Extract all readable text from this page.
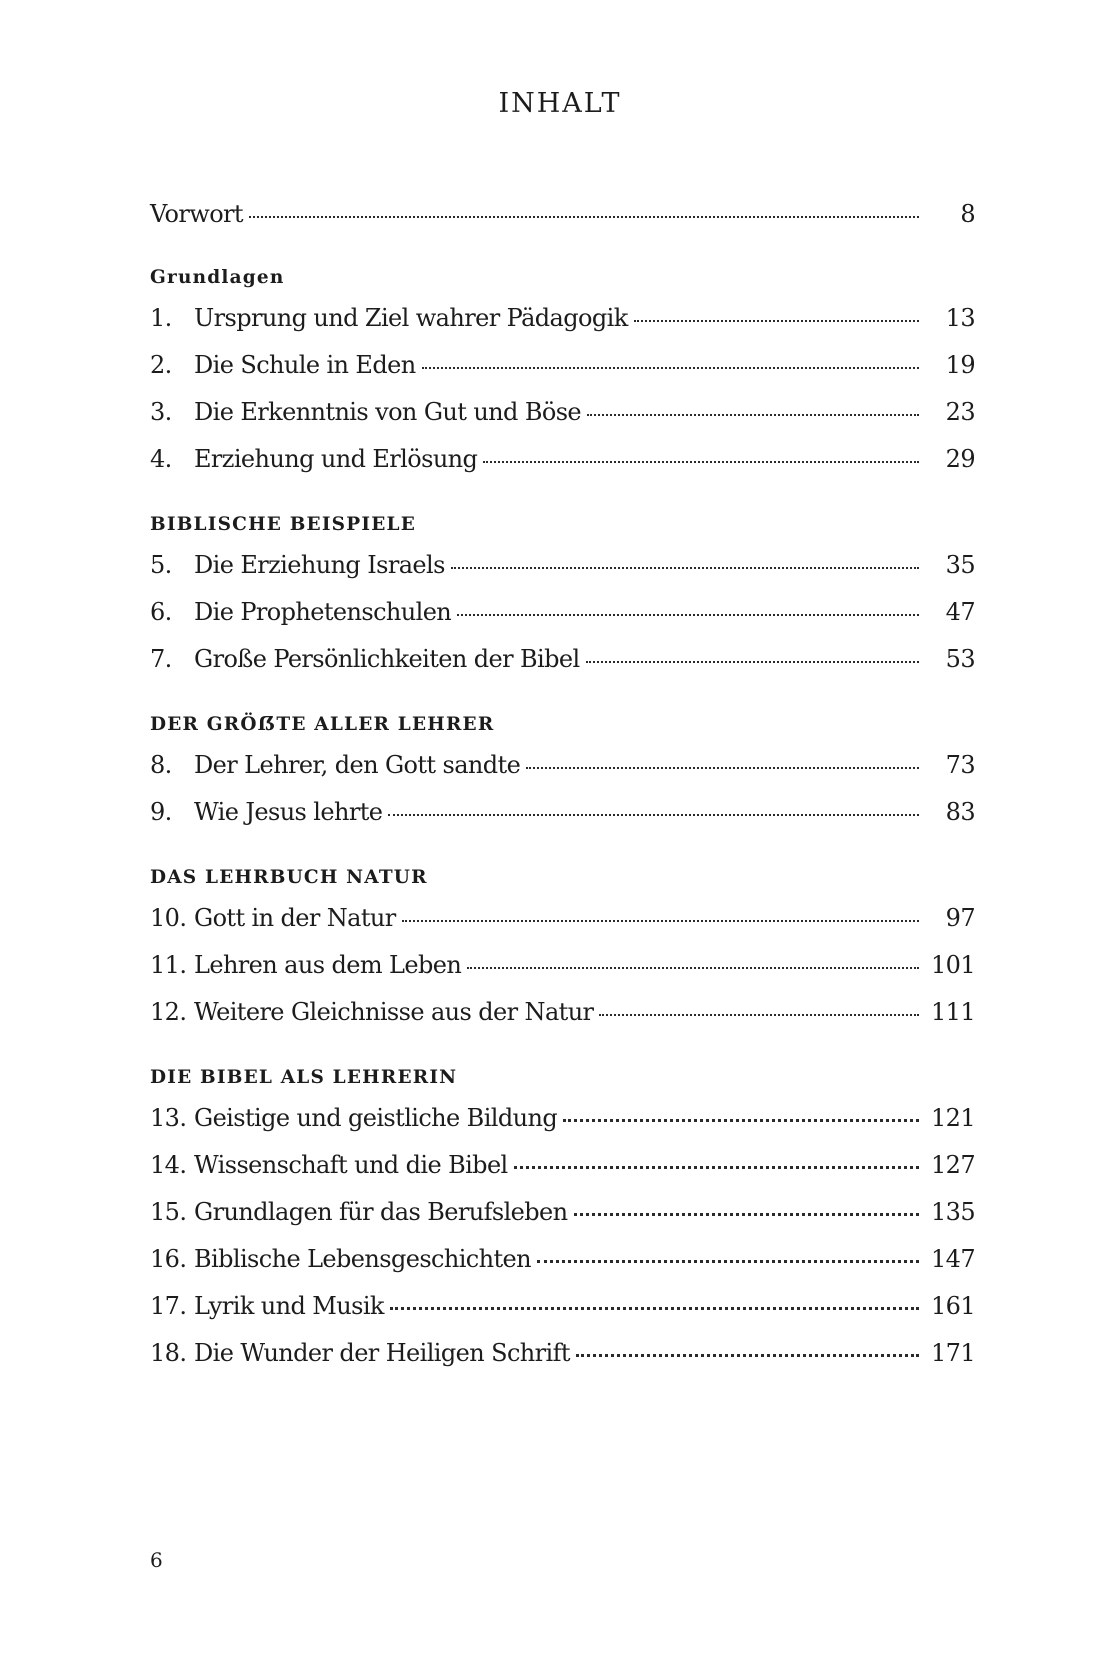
INHALT
Vorwort	8
Grundlagen
1. Ursprung und Ziel wahrer Pädagogik	13
2. Die Schule in Eden	19
3. Die Erkenntnis von Gut und Böse	23
4. Erziehung und Erlösung	29
BIBLISCHE BEISPIELE
5. Die Erziehung Israels	35
6. Die Prophetenschulen	47
7. Große Persönlichkeiten der Bibel	53
DER GRÖẞTE ALLER LEHRER
8. Der Lehrer, den Gott sandte	73
9. Wie Jesus lehrte	83
DAS LEHRBUCH NATUR
10. Gott in der Natur	97
11. Lehren aus dem Leben	101
12. Weitere Gleichnisse aus der Natur	111
DIE BIBEL ALS LEHRERIN
13. Geistige und geistliche Bildung	121
14. Wissenschaft und die Bibel	127
15. Grundlagen für das Berufsleben	135
16. Biblische Lebensgeschichten	147
17. Lyrik und Musik	161
18. Die Wunder der Heiligen Schrift	171
6
